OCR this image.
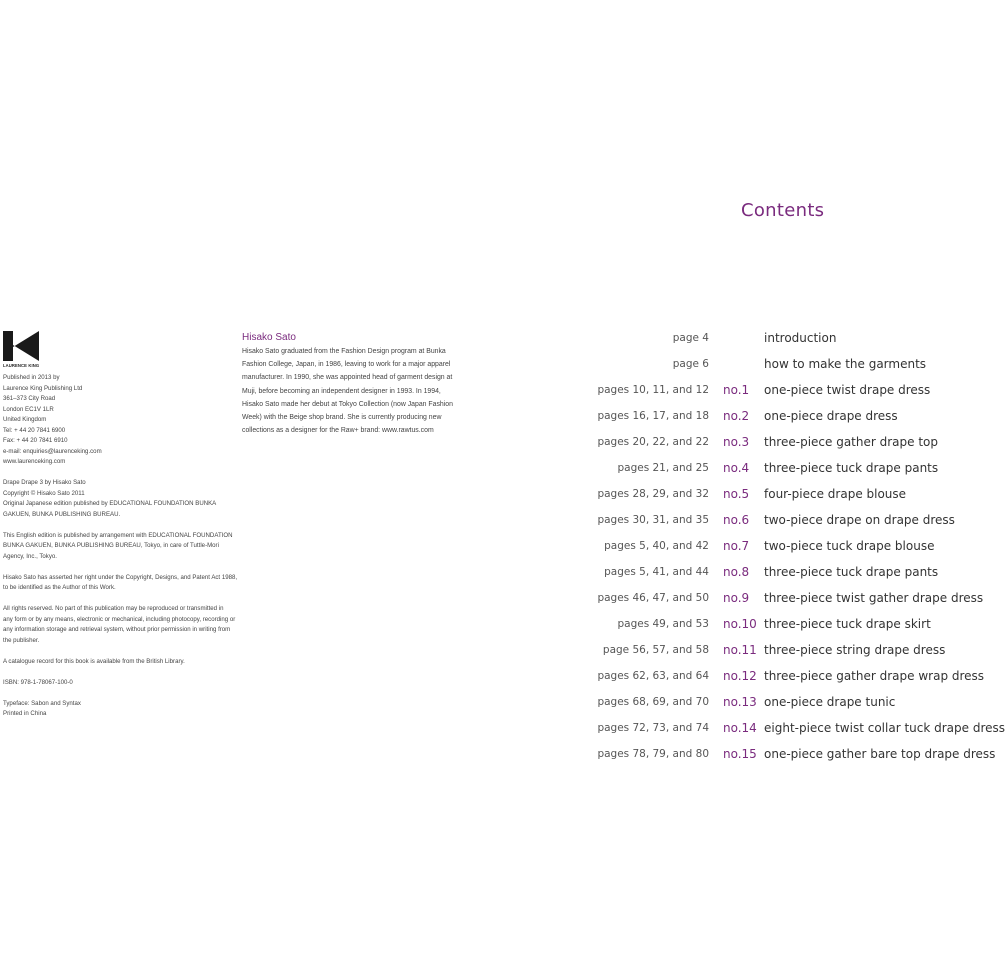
LAURENCE KING
Published in 2013 by
Laurence King Publishing Ltd
361–373 City Road
London EC1V 1LR
United Kingdom
Tel: + 44 20 7841 6900
Fax: + 44 20 7841 6910
e-mail: enquiries@laurenceking.com
www.laurenceking.com
Drape Drape 3 by Hisako Sato
Copyright © Hisako Sato 2011
Original Japanese edition published by EDUCATIONAL FOUNDATION BUNKA
GAKUEN, BUNKA PUBLISHING BUREAU.
This English edition is published by arrangement with EDUCATIONAL FOUNDATION
BUNKA GAKUEN, BUNKA PUBLISHING BUREAU, Tokyo, in care of Tuttle-Mori
Agency, Inc., Tokyo.
Hisako Sato has asserted her right under the Copyright, Designs, and Patent Act 1988,
to be identified as the Author of this Work.
All rights reserved. No part of this publication may be reproduced or transmitted in
any form or by any means, electronic or mechanical, including photocopy, recording or
any information storage and retrieval system, without prior permission in writing from
the publisher.
A catalogue record for this book is available from the British Library.
ISBN: 978-1-78067-100-0
Typeface: Sabon and Syntax
Printed in China
Hisako Sato
Hisako Sato graduated from the Fashion Design program at Bunka
Fashion College, Japan, in 1986, leaving to work for a major apparel
manufacturer. In 1990, she was appointed head of garment design at
Muji, before becoming an independent designer in 1993. In 1994,
Hisako Sato made her debut at Tokyo Collection (now Japan Fashion
Week) with the Beige shop brand. She is currently producing new
collections as a designer for the Raw+ brand: www.rawtus.com
Contents
page 4	introduction
page 6	how to make the garments
pages 10, 11, and 12 no.1 one-piece twist drape dress
pages 16, 17, and 18 no.2 one-piece drape dress
pages 20, 22, and 22 no.3 three-piece gather drape top
pages 21, and 25 no.4 three-piece tuck drape pants
pages 28, 29, and 32 no.5 four-piece drape blouse
pages 30, 31, and 35 no.6 two-piece drape on drape dress
pages 5, 40, and 42 no.7 two-piece tuck drape blouse
pages 5, 41, and 44 no.8 three-piece tuck drape pants
pages 46, 47, and 50 no.9 three-piece twist gather drape dress
pages 49, and 53 no.10 three-piece tuck drape skirt
page 56, 57, and 58 no.11 three-piece string drape dress
pages 62, 63, and 64 no.12 three-piece gather drape wrap dress
pages 68, 69, and 70 no.13 one-piece drape tunic
pages 72, 73, and 74 no.14 eight-piece twist collar tuck drape dress
pages 78, 79, and 80 no.15 one-piece gather bare top drape dress
